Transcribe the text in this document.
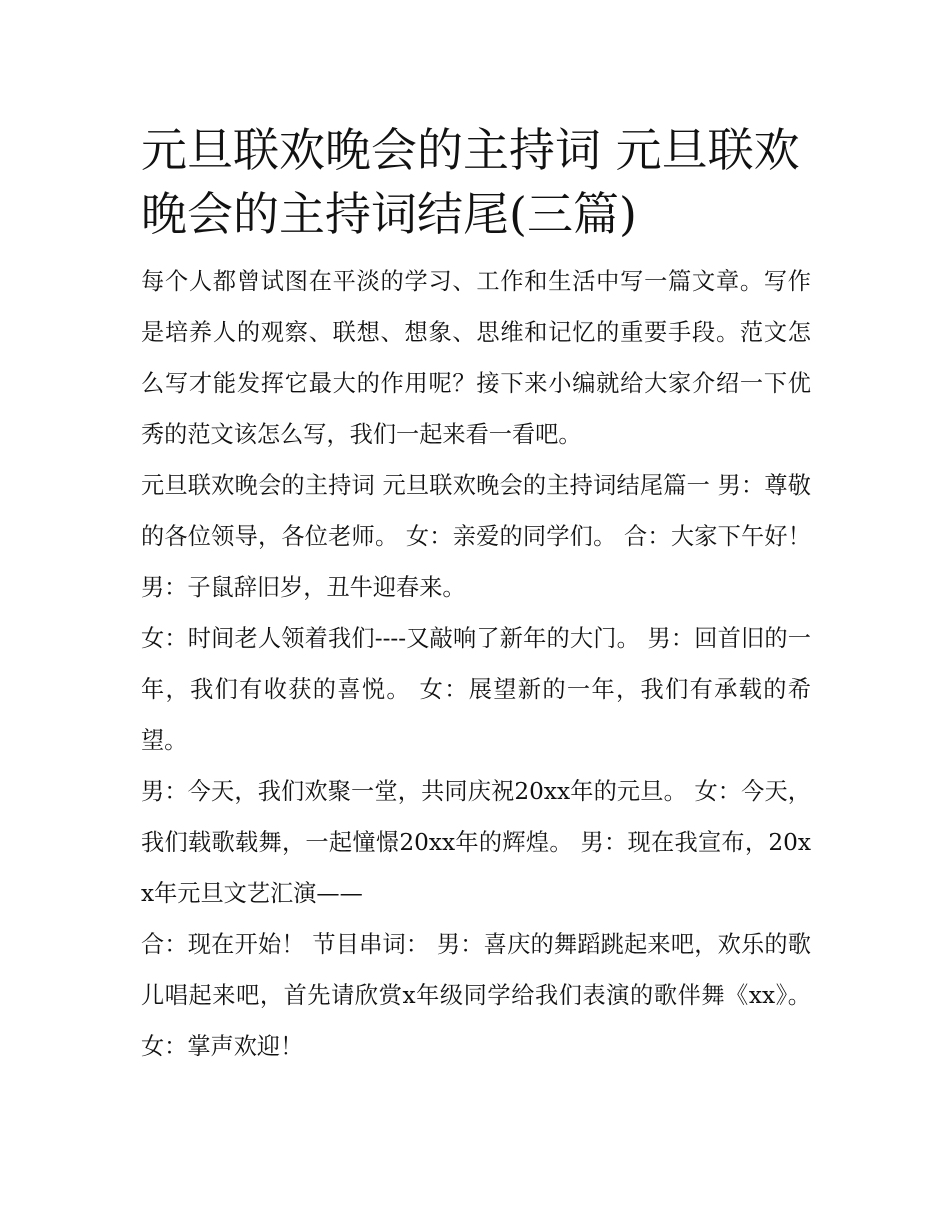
元旦联欢晚会的主持词 元旦联欢晚会的主持词结尾(三篇)

每个人都曾试图在平淡的学习、工作和生活中写一篇文章。写作是培养人的观察、联想、想象、思维和记忆的重要手段。范文怎么写才能发挥它最大的作用呢？接下来小编就给大家介绍一下优秀的范文该怎么写，我们一起来看一看吧。

元旦联欢晚会的主持词 元旦联欢晚会的主持词结尾篇一 男：尊敬的各位领导，各位老师。 女：亲爱的同学们。 合：大家下午好！ 男：子鼠辞旧岁，丑牛迎春来。

女：时间老人领着我们----又敲响了新年的大门。 男：回首旧的一年，我们有收获的喜悦。 女：展望新的一年，我们有承载的希望。

男：今天，我们欢聚一堂，共同庆祝20xx年的元旦。 女：今天，我们载歌载舞，一起憧憬20xx年的辉煌。 男：现在我宣布，20xx年元旦文艺汇演——

合：现在开始！ 节目串词： 男：喜庆的舞蹈跳起来吧，欢乐的歌儿唱起来吧，首先请欣赏x年级同学给我们表演的歌伴舞《xx》。 女：掌声欢迎！
